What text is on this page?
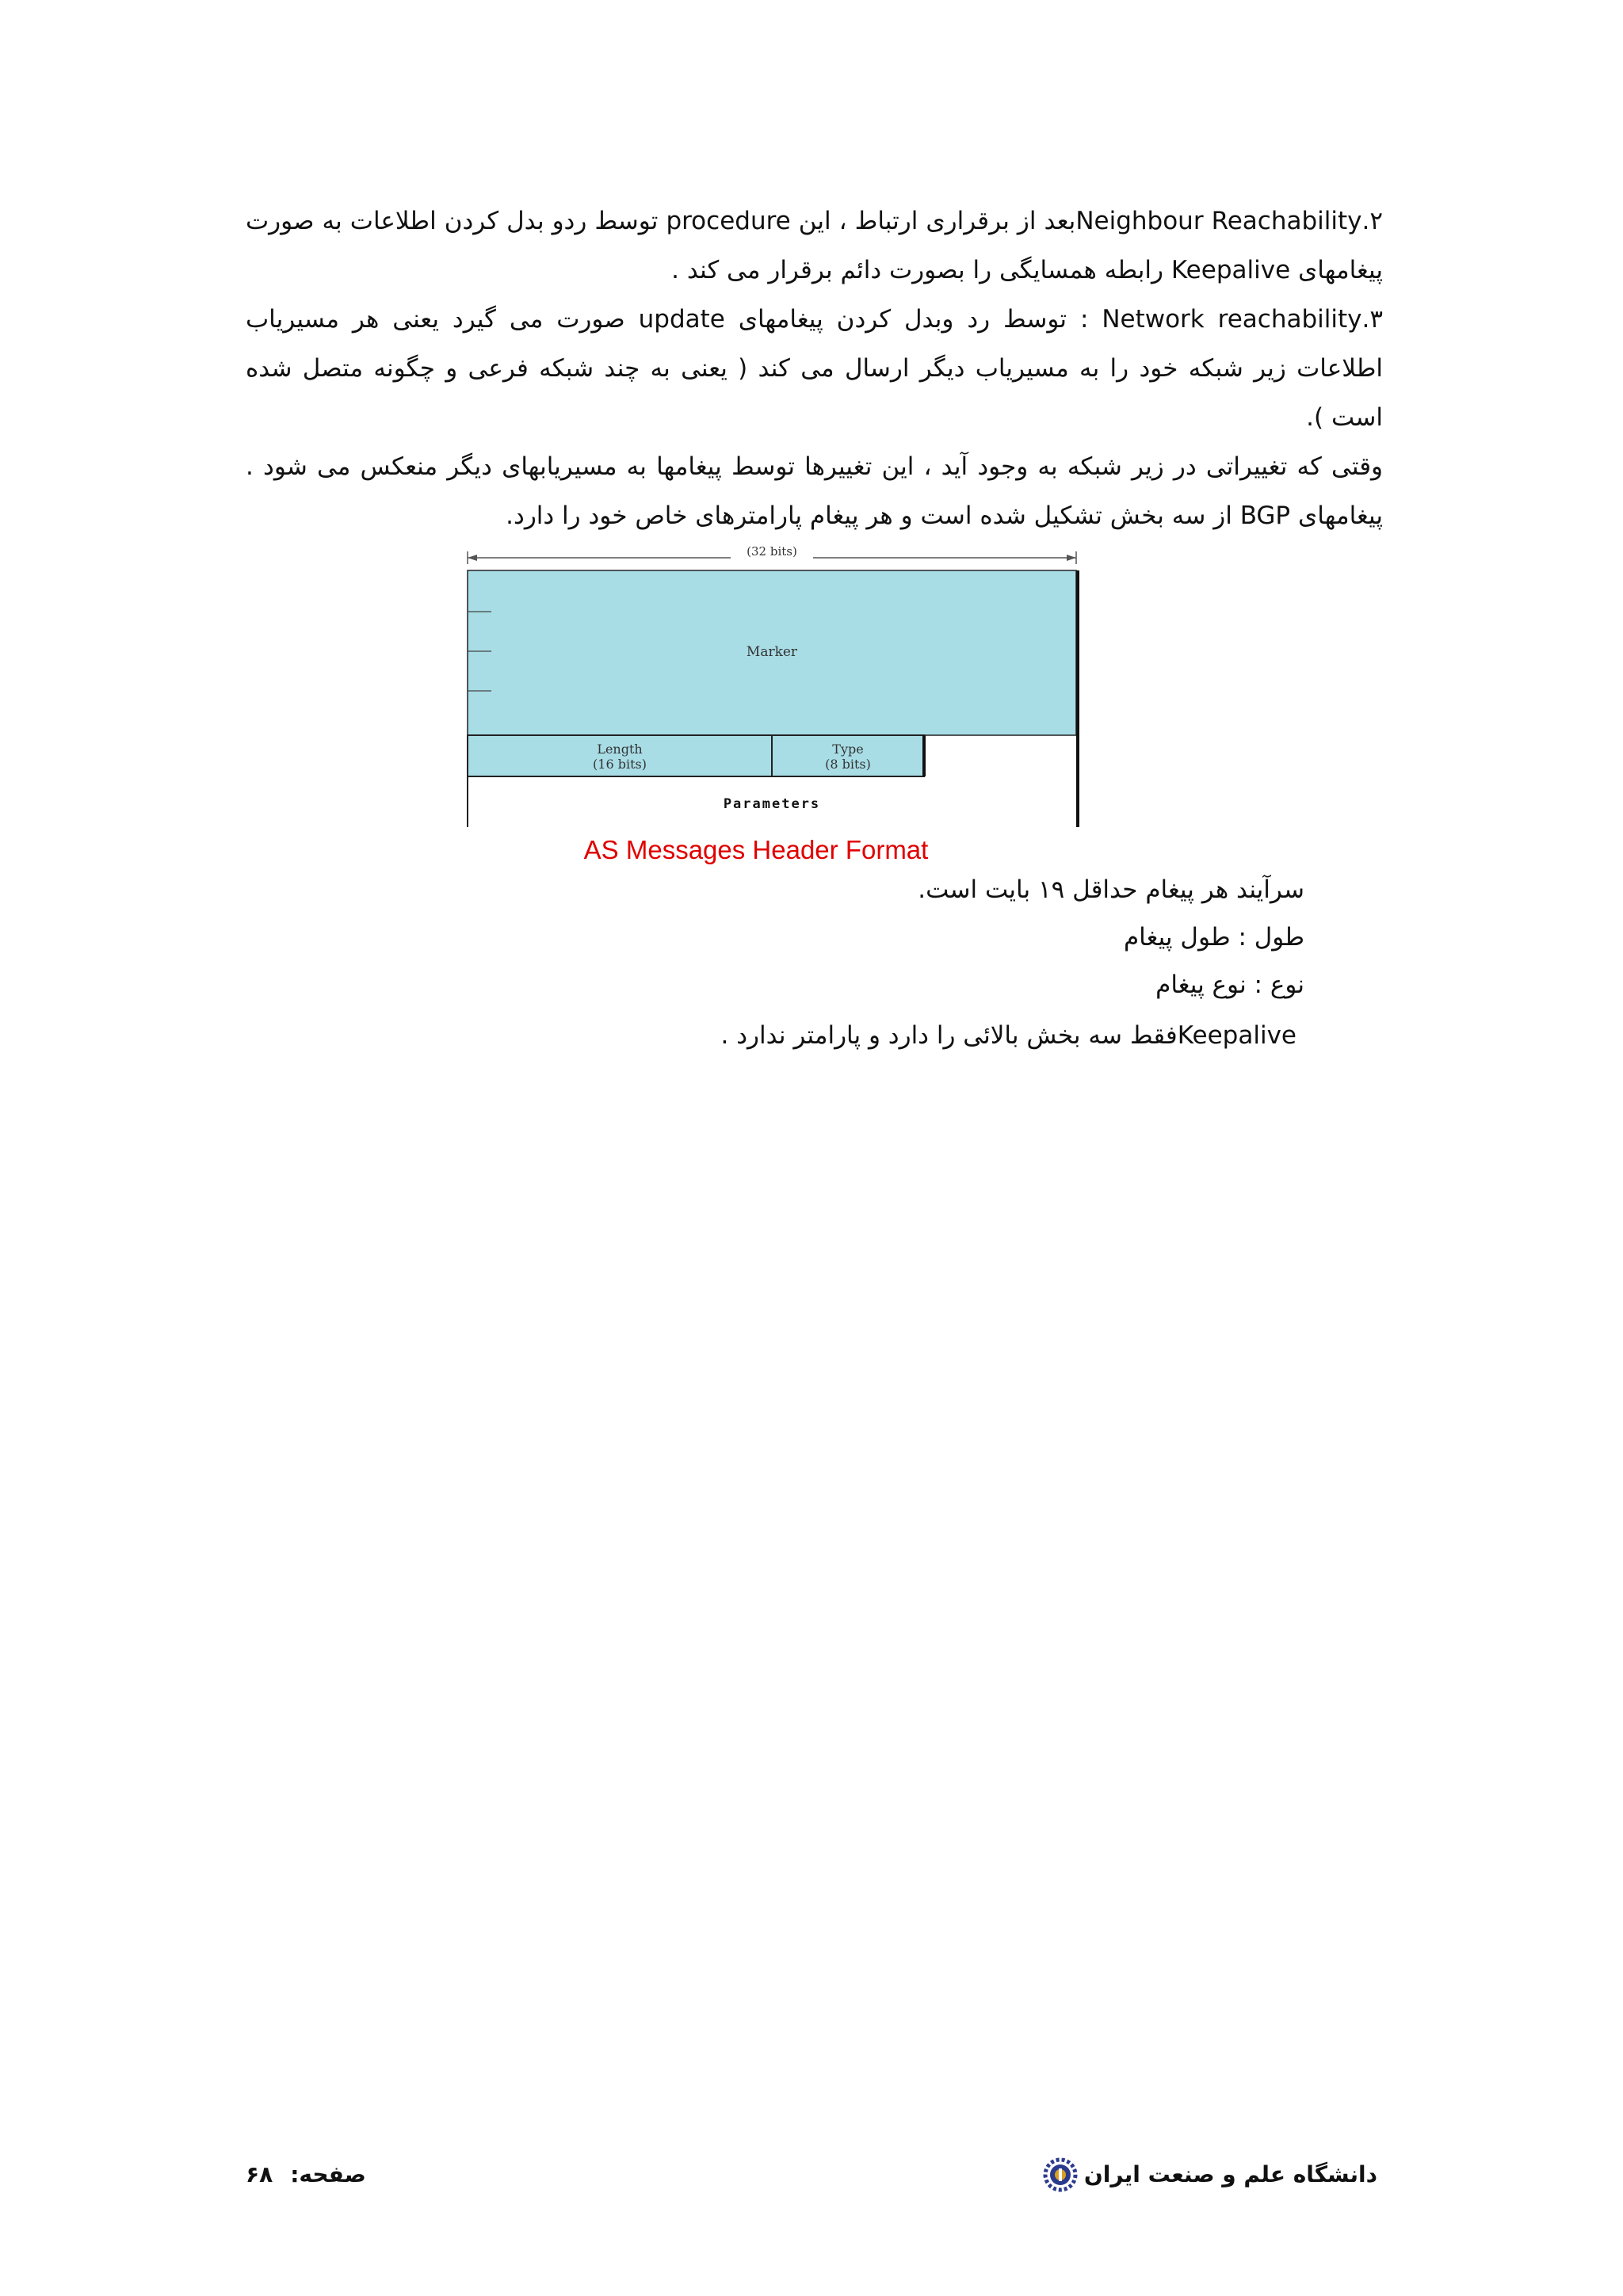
۲.Neighbour Reachabilityبعد از برقراری ارتباط ، این procedure توسط ردو بدل کردن اطلاعات به صورت پیغامهای Keepalive رابطه همسایگی را بصورت دائم برقرار می کند .

۳.Network reachability : توسط رد وبدل کردن پیغامهای update صورت می گیرد یعنی هر مسیریاب اطلاعات زیر شبکه خود را به مسیریاب دیگر ارسال می کند ( یعنی به چند شبکه فرعی و چگونه متصل شده است ).

وقتی که تغییراتی در زیر شبکه به وجود آید ، این تغییرها توسط پیغامها به مسیریابهای دیگر منعکس می شود . پیغامهای BGP از سه بخش تشکیل شده است و هر پیغام پارامترهای خاص خود را دارد.

(32 bits)
Marker
Length
(16 bits)
Type
(8 bits)
Parameters
AS Messages Header Format

سرآیند هر پیغام حداقل ۱۹ بایت است.

طول : طول پیغام

نوع : نوع پیغام

Keepaliveفقط سه بخش بالائی را دارد و پارامتر ندارد .

دانشگاه علم و صنعت ایران
صفحه:۶۸
